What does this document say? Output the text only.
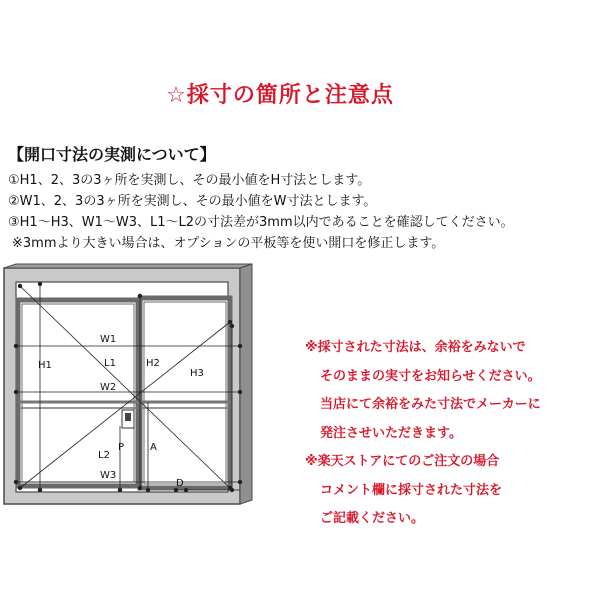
☆採寸の箇所と注意点
【開口寸法の実測について】
①H1、2、3の3ヶ所を実測し、その最小値をH寸法とします。
②W1、2、3の3ヶ所を実測し、その最小値をW寸法とします。
③H1～H3、W1～W3、L1～L2の寸法差が3mm以内であることを確認してください。
※3mmより大きい場合は、オプションの平板等を使い開口を修正します。
H1
W1
L1	H2
H3
W2
L2
P	A
W3
D
※採寸された寸法は、余裕をみないで
そのままの実寸をお知らせください。
当店にて余裕をみた寸法でメーカーに
発注させいただきます。
※楽天ストアにてのご注文の場合
コメント欄に採寸された寸法を
ご記載ください。
